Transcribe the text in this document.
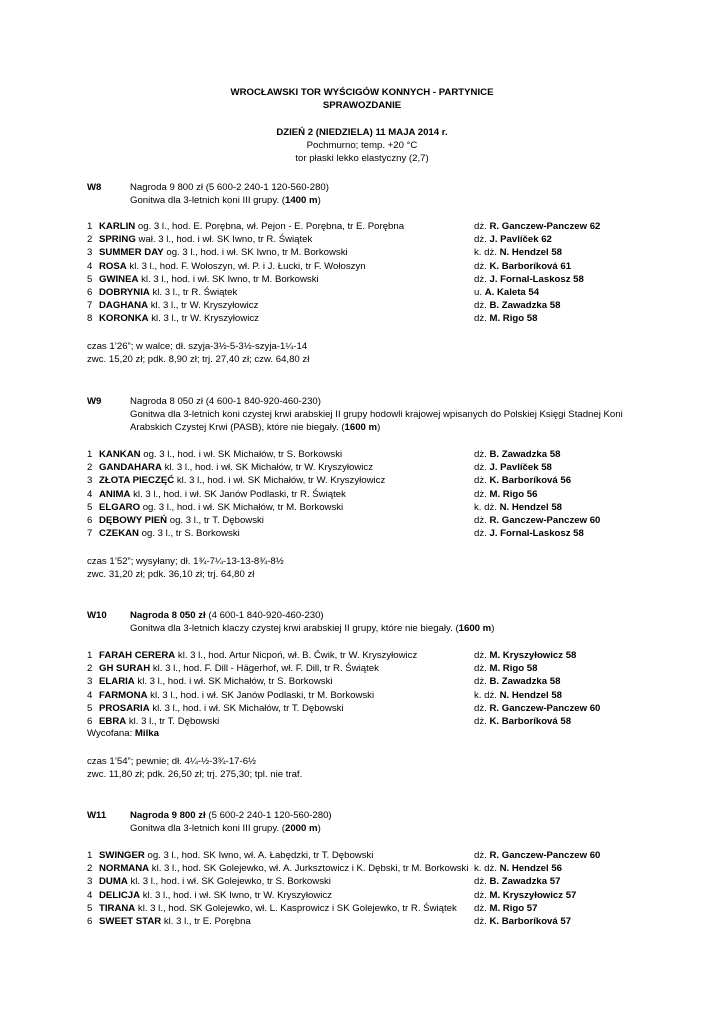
WROCŁAWSKI TOR WYŚCIGÓW KONNYCH - PARTYNICE
SPRAWOZDANIE
DZIEŃ 2 (NIEDZIELA) 11 MAJA 2014 r.
Pochmurno; temp. +20 °C
tor płaski lekko elastyczny (2,7)
W8	Nagroda 9 800 zł (5 600-2 240-1 120-560-280)
Gonitwa dla 3-letnich koni III grupy. (1400 m)
1 KARLIN og. 3 l., hod. E. Porębna, wł. Pejon - E. Porębna, tr E. Porębna	dż. R. Ganczew-Panczew 62
2 SPRING wał. 3 l., hod. i wł. SK Iwno, tr R. Świątek	dż. J. Pavlíček 62
3 SUMMER DAY og. 3 l., hod. i wł. SK Iwno, tr M. Borkowski	k. dż. N. Hendzel 58
4 ROSA kl. 3 l., hod. F. Wołoszyn, wł. P. i J. Łucki, tr F. Wołoszyn	dż. K. Barboríková 61
5 GWINEA kl. 3 l., hod. i wł. SK Iwno, tr M. Borkowski	dż. J. Fornal-Laskosz 58
6 DOBRYNIA kl. 3 l., tr R. Świątek	u. A. Kaleta 54
7 DAGHANA kl. 3 l., tr W. Kryszyłowicz	dż. B. Zawadzka 58
8 KORONKA kl. 3 l., tr W. Kryszyłowicz	dż. M. Rigo 58
czas 1’26”; w walce; dł. szyja-3½-5-3½-szyja-1¼-14
zwc. 15,20 zł; pdk. 8,90 zł; trj. 27,40 zł; czw. 64,80 zł
W9	Nagroda 8 050 zł (4 600-1 840-920-460-230)
Gonitwa dla 3-letnich koni czystej krwi arabskiej II grupy hodowli krajowej wpisanych do Polskiej Księgi Stadnej Koni Arabskich Czystej Krwi (PASB), które nie biegały. (1600 m)
1 KANKAN og. 3 l., hod. i wł. SK Michałów, tr S. Borkowski	dż. B. Zawadzka 58
2 GANDAHARA kl. 3 l., hod. i wł. SK Michałów, tr W. Kryszyłowicz	dż. J. Pavlíček 58
3 ZŁOTA PIECZĘĆ kl. 3 l., hod. i wł. SK Michałów, tr W. Kryszyłowicz	dż. K. Barboríková 56
4 ANIMA kl. 3 l., hod. i wł. SK Janów Podlaski, tr R. Świątek	dż. M. Rigo 56
5 ELGARO og. 3 l., hod. i wł. SK Michałów, tr M. Borkowski	k. dż. N. Hendzel 58
6 DĘBOWY PIEŃ og. 3 l., tr T. Dębowski	dż. R. Ganczew-Panczew 60
7 CZEKAN og. 3 l., tr S. Borkowski	dż. J. Fornal-Laskosz 58
czas 1’52”; wysyłany; dł. 1¾-7¼-13-13-8¾-8½
zwc. 31,20 zł; pdk. 36,10 zł; trj. 64,80 zł
W10 Nagroda 8 050 zł (4 600-1 840-920-460-230)
Gonitwa dla 3-letnich klaczy czystej krwi arabskiej II grupy, które nie biegały. (1600 m)
1 FARAH CERERA kl. 3 l., hod. Artur Nicpoń, wł. B. Ćwik, tr W. Kryszyłowicz	dż. M. Kryszyłowicz 58
2 GH SURAH kl. 3 l., hod. F. Dill - Hägerhof, wł. F. Dill, tr R. Świątek	dż. M. Rigo 58
3 ELARIA kl. 3 l., hod. i wł. SK Michałów, tr S. Borkowski	dż. B. Zawadzka 58
4 FARMONA kl. 3 l., hod. i wł. SK Janów Podlaski, tr M. Borkowski	k. dż. N. Hendzel 58
5 PROSARIA kl. 3 l., hod. i wł. SK Michałów, tr T. Dębowski	dż. R. Ganczew-Panczew 60
6 EBRA kl. 3 l., tr T. Dębowski	dż. K. Barboríková 58
Wycofana: Milka
czas 1’54”; pewnie; dł. 4¼-½-3¾-17-6½
zwc. 11,80 zł; pdk. 26,50 zł; trj. 275,30; tpl. nie traf.
W11 Nagroda 9 800 zł (5 600-2 240-1 120-560-280)
Gonitwa dla 3-letnich koni III grupy. (2000 m)
1 SWINGER og. 3 l., hod. SK Iwno, wł. A. Łabędzki, tr T. Dębowski	dż. R. Ganczew-Panczew 60
2 NORMANA kl. 3 l., hod. SK Golejewko, wł. A. Jurksztowicz i K. Dębski, tr M. Borkowski k. dż. N. Hendzel 56
3 DUMA kl. 3 l., hod. i wł. SK Golejewko, tr S. Borkowski	dż. B. Zawadzka 57
4 DELICJA kl. 3 l., hod. i wł. SK Iwno, tr W. Kryszyłowicz	dż. M. Kryszyłowicz 57
5 TIRANA kl. 3 l., hod. SK Golejewko, wł. L. Kasprowicz i SK Golejewko, tr R. Świątek dż. M. Rigo 57
6 SWEET STAR kl. 3 l., tr E. Porębna	dż. K. Barboríková 57
